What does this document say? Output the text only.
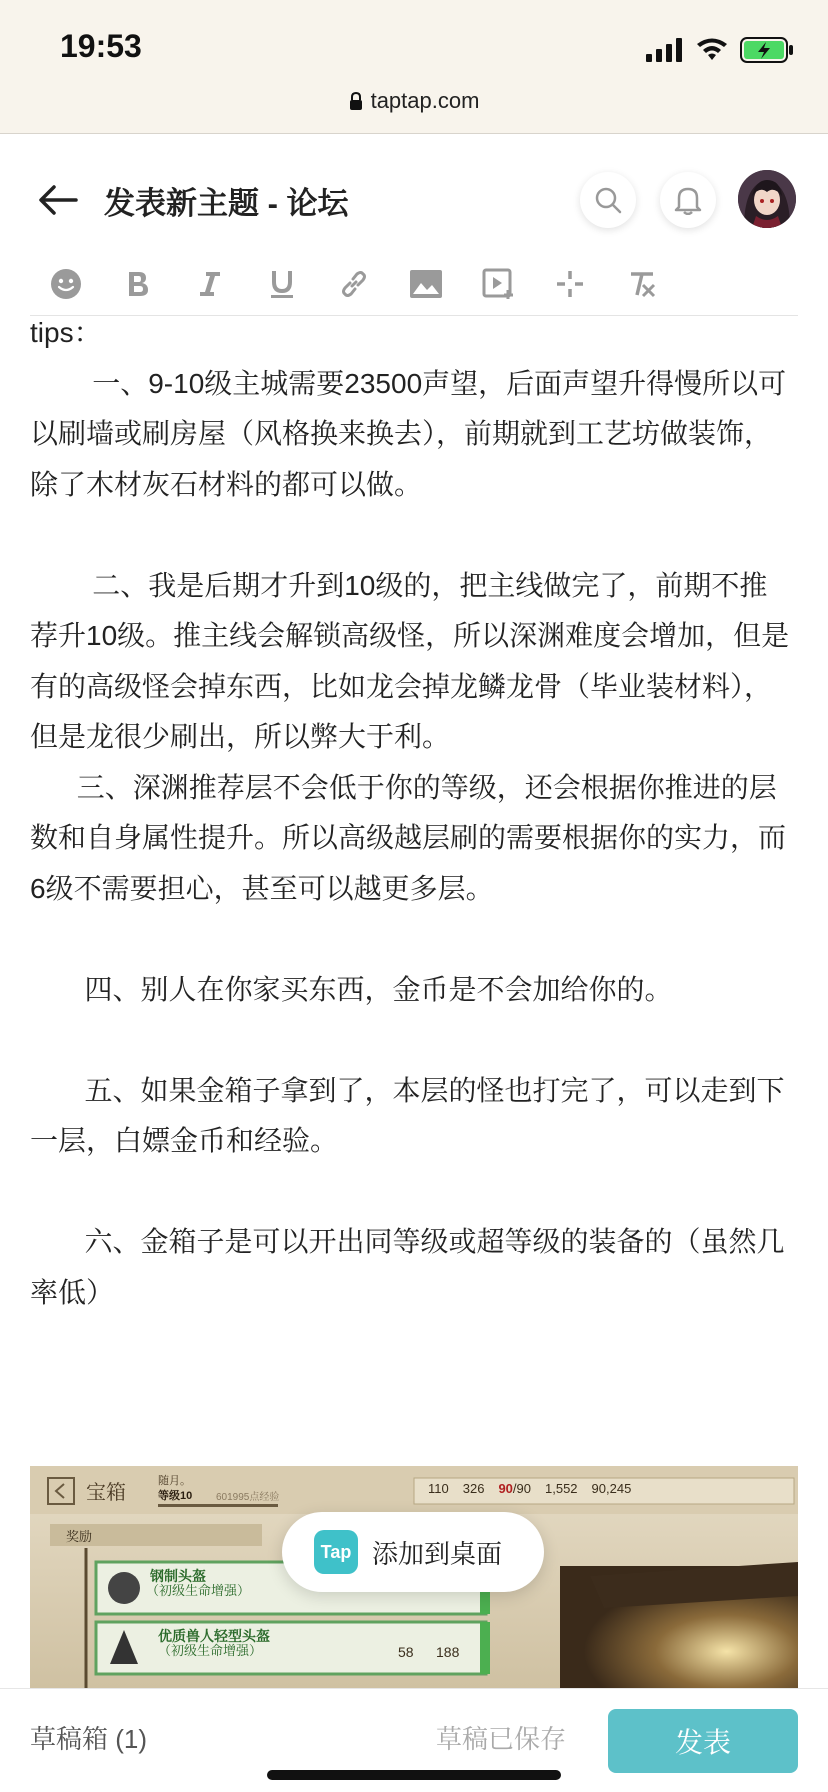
19:53
taptap.com
发表新主题 - 论坛
tips：
一、9-10级主城需要23500声望，后面声望升得慢所以可以刷墙或刷房屋（风格换来换去），前期就到工艺坊做装饰，除了木材灰石材料的都可以做。
二、我是后期才升到10级的，把主线做完了，前期不推荐升10级。推主线会解锁高级怪，所以深渊难度会增加，但是有的高级怪会掉东西，比如龙会掉龙鳞龙骨（毕业装材料），但是龙很少刷出，所以弊大于利。
三、深渊推荐层不会低于你的等级，还会根据你推进的层数和自身属性提升。所以高级越层刷的需要根据你的实力，而6级不需要担心，甚至可以越更多层。
四、别人在你家买东西，金币是不会加给你的。
五、如果金箱子拿到了，本层的怪也打完了，可以走到下一层，白嫖金币和经验。
六、金箱子是可以开出同等级或超等级的装备的（虽然几率低）
宝箱
随月。
等级10 601995点经验
110 326 90/90 1,552 90,245
奖励
钢制头盔
（初级生命增强）
优质兽人轻型头盔
（初级生命增强）	58 188
Tap 添加到桌面
草稿箱 (1)	草稿已保存	发表
